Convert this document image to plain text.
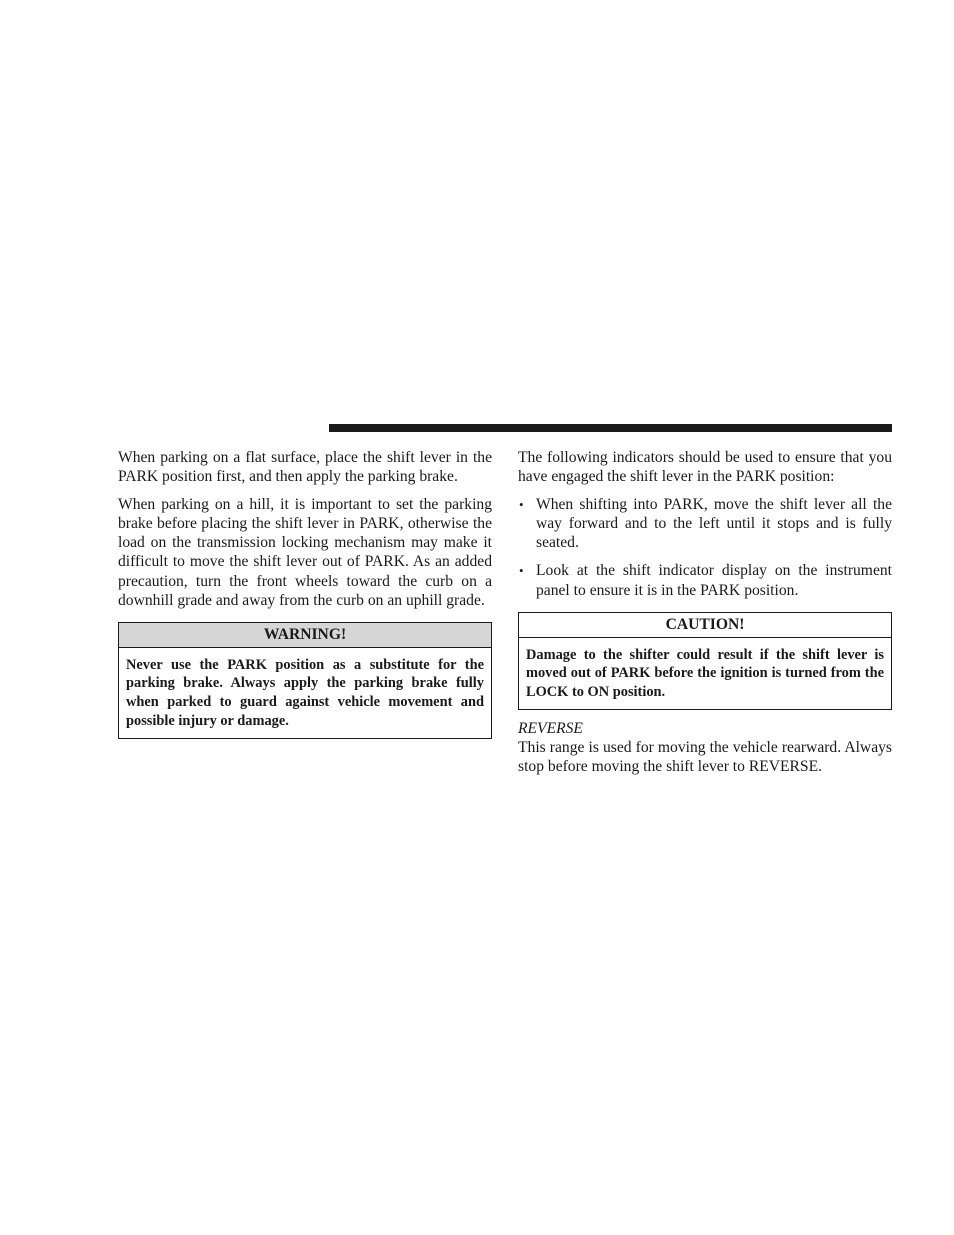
When parking on a flat surface, place the shift lever in the PARK position first, and then apply the parking brake.

When parking on a hill, it is important to set the parking brake before placing the shift lever in PARK, otherwise the load on the transmission locking mechanism may make it difficult to move the shift lever out of PARK. As an added precaution, turn the front wheels toward the curb on a downhill grade and away from the curb on an uphill grade.

WARNING!
Never use the PARK position as a substitute for the parking brake. Always apply the parking brake fully when parked to guard against vehicle movement and possible injury or damage.

The following indicators should be used to ensure that you have engaged the shift lever in the PARK position:

• When shifting into PARK, move the shift lever all the way forward and to the left until it stops and is fully seated.
• Look at the shift indicator display on the instrument panel to ensure it is in the PARK position.
CAUTION!
Damage to the shifter could result if the shift lever is moved out of PARK before the ignition is turned from the LOCK to ON position.
REVERSE

This range is used for moving the vehicle rearward. Always stop before moving the shift lever to REVERSE.
